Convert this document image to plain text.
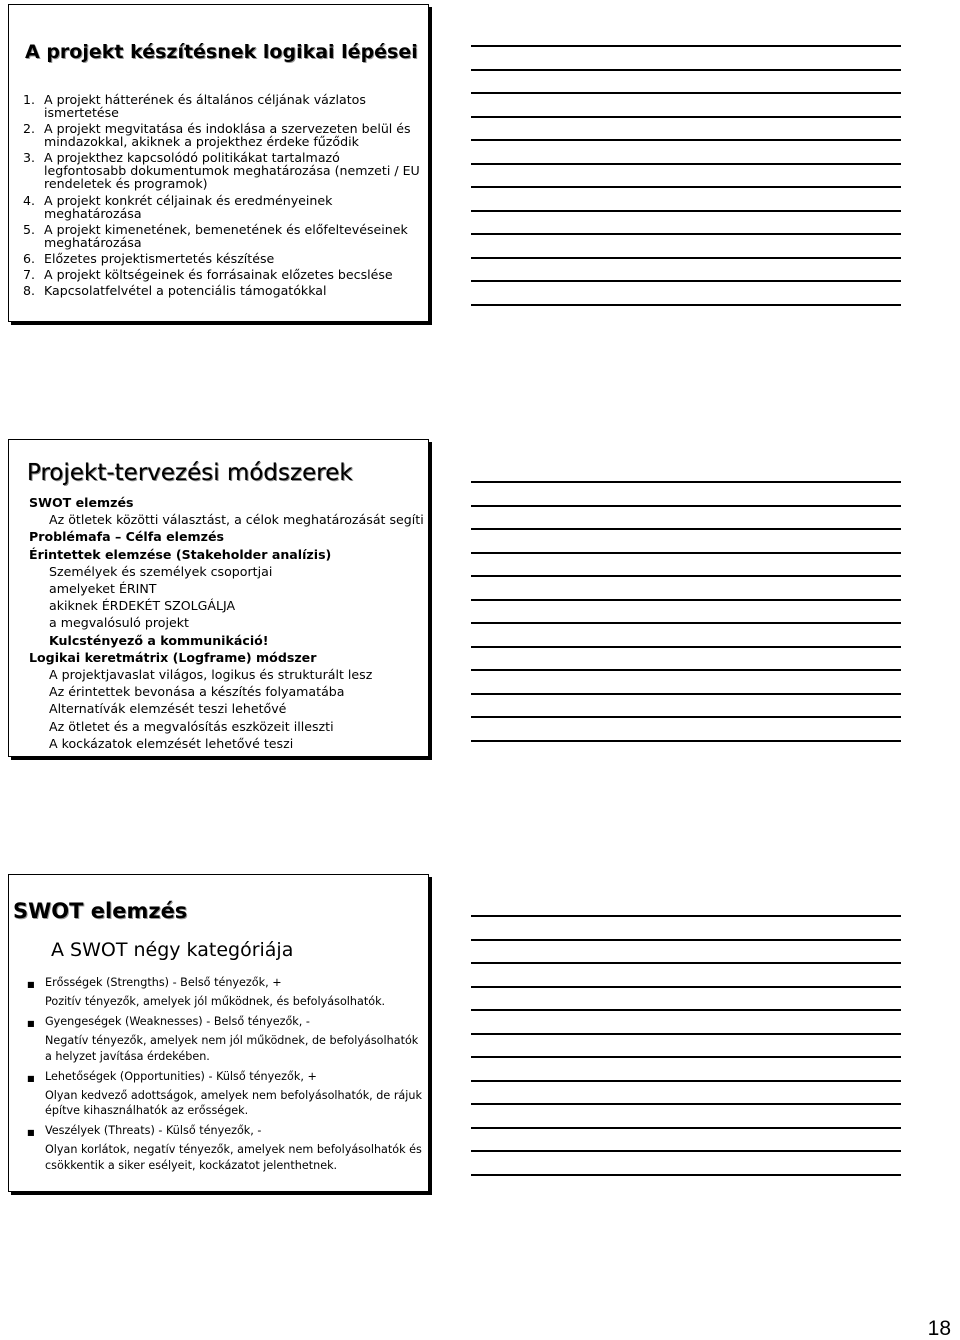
A projekt készítésnek logikai lépései
1. A projekt hátterének és általános céljának vázlatos ismertetése
2. A projekt megvitatása és indoklása a szervezeten belül és mindazokkal, akiknek a projekthez érdeke fűződik
3. A projekthez kapcsolódó politikákat tartalmazó legfontosabb dokumentumok meghatározása (nemzeti / EU rendeletek és programok)
4. A projekt konkrét céljainak és eredményeinek meghatározása
5. A projekt kimenetének, bemenetének és előfeltevéseinek meghatározása
6. Előzetes projektismertetés készítése
7. A projekt költségeinek és forrásainak előzetes becslése
8. Kapcsolatfelvétel a potenciális támogatókkal
Projekt-tervezési módszerek
SWOT elemzés
Az ötletek közötti választást, a célok meghatározását segíti
Problémafa – Célfa elemzés
Érintettek elemzése (Stakeholder analízis)
Személyek és személyek csoportjai
amelyeket ÉRINT
akiknek ÉRDEKÉT SZOLGÁLJA
a megvalósuló projekt
Kulcstényező a kommunikáció!
Logikai keretmátrix (Logframe) módszer
A projektjavaslat világos, logikus és strukturált lesz
Az érintettek bevonása a készítés folyamatába
Alternatívák elemzését teszi lehetővé
Az ötletet és a megvalósítás eszközeit illeszti
A kockázatok elemzését lehetővé teszi
SWOT elemzés
A SWOT négy kategóriája
■ Erősségek (Strengths) - Belső tényezők, +
Pozitív tényezők, amelyek jól működnek, és befolyásolhatók.
■ Gyengeségek (Weaknesses) - Belső tényezők, -
Negatív tényezők, amelyek nem jól működnek, de befolyásolhatók a helyzet javítása érdekében.
■ Lehetőségek (Opportunities) - Külső tényezők, +
Olyan kedvező adottságok, amelyek nem befolyásolhatók, de rájuk építve kihasználhatók az erősségek.
■ Veszélyek (Threats) - Külső tényezők, -
Olyan korlátok, negatív tényezők, amelyek nem befolyásolhatók és csökkentik a siker esélyeit, kockázatot jelenthetnek.
18
